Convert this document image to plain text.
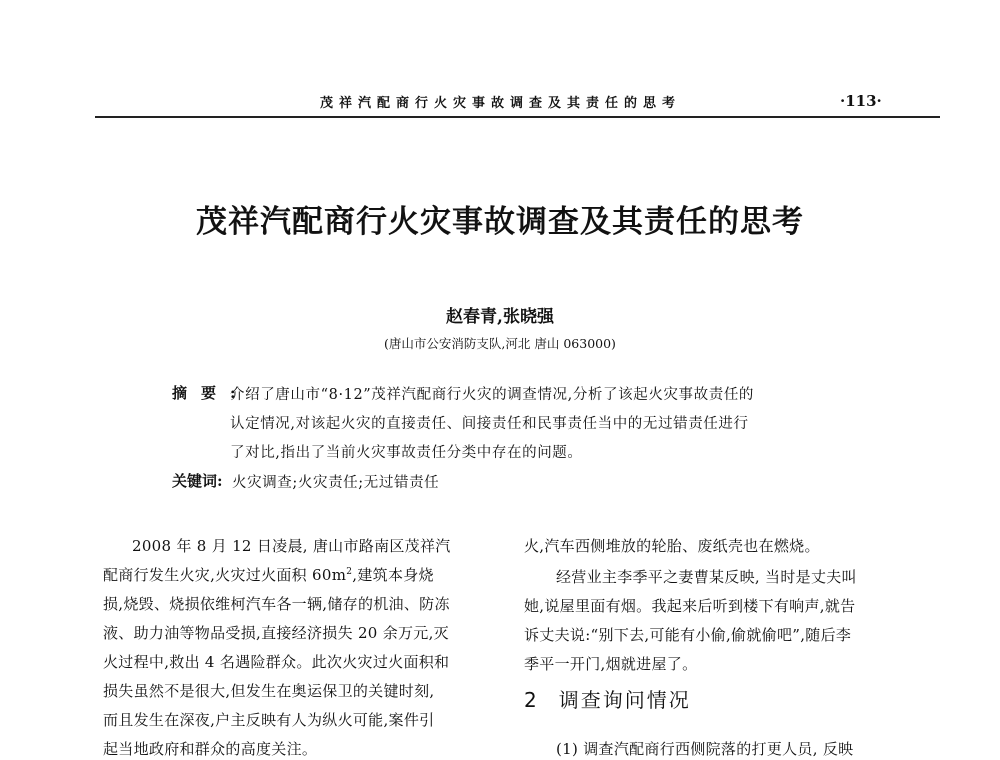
茂祥汽配商行火灾事故调查及其责任的思考	·113·
茂祥汽配商行火灾事故调查及其责任的思考
赵春青,张晓强
(唐山市公安消防支队,河北 唐山 063000)
摘要:
介绍了唐山市“8·12”茂祥汽配商行火灾的调查情况,分析了该起火灾事故责任的
认定情况,对该起火灾的直接责任、间接责任和民事责任当中的无过错责任进行
了对比,指出了当前火灾事故责任分类中存在的问题。
关键词: 火灾调查;火灾责任;无过错责任
2008 年 8 月 12 日凌晨, 唐山市路南区茂祥汽
配商行发生火灾,火灾过火面积 $60m^2$,建筑本身烧
损,烧毁、烧损依维柯汽车各一辆,储存的机油、防冻
液、助力油等物品受损,直接经济损失 20 余万元,灭
火过程中,救出 4 名遇险群众。此次火灾过火面积和
损失虽然不是很大,但发生在奥运保卫的关键时刻,
而且发生在深夜,户主反映有人为纵火可能,案件引
起当地政府和群众的高度关注。
火,汽车西侧堆放的轮胎、废纸壳也在燃烧。
经营业主李季平之妻曹某反映, 当时是丈夫叫
她,说屋里面有烟。我起来后听到楼下有响声,就告
诉丈夫说:“别下去,可能有小偷,偷就偷吧”,随后李
季平一开门,烟就进屋了。
2 调查询问情况
(1) 调查汽配商行西侧院落的打更人员, 反映
